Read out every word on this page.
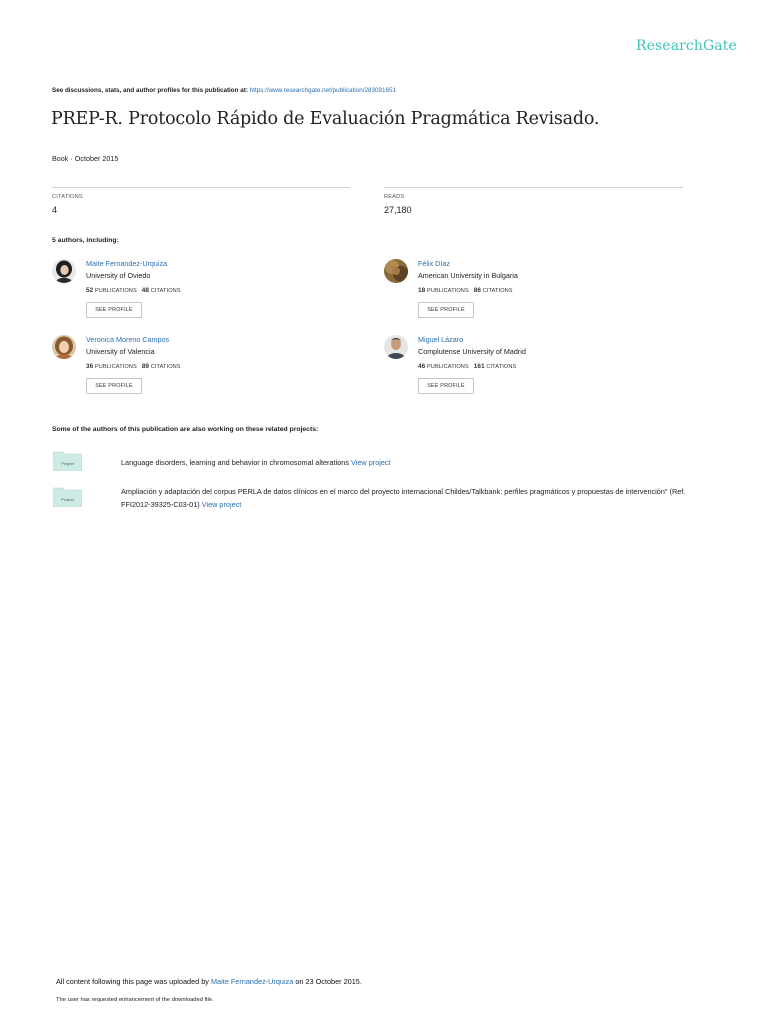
ResearchGate
See discussions, stats, and author profiles for this publication at: https://www.researchgate.net/publication/283091651
PREP-R. Protocolo Rápido de Evaluación Pragmática Revisado.
Book · October 2015
CITATIONS
4
READS
27,180
5 authors, including:
Maite Fernandez-Urquiza
University of Oviedo
52 PUBLICATIONS 48 CITATIONS
SEE PROFILE
Félix Díaz
American University in Bulgaria
18 PUBLICATIONS 86 CITATIONS
SEE PROFILE
Veronica Moreno Campos
University of Valencia
36 PUBLICATIONS 89 CITATIONS
SEE PROFILE
Miguel Lázaro
Complutense University of Madrid
46 PUBLICATIONS 161 CITATIONS
SEE PROFILE
Some of the authors of this publication are also working on these related projects:
Project	Language disorders, learning and behavior in chromosomal alterations View project
Project
Ampliación y adaptación del corpus PERLA de datos clínicos en el marco del proyecto internacional Childes/Talkbank: perfiles pragmáticos y propuestas de intervención" (Ref. FFI2012-39325-C03-01) View project
All content following this page was uploaded by Maite Fernandez-Urquiza on 23 October 2015.
The user has requested enhancement of the downloaded file.
